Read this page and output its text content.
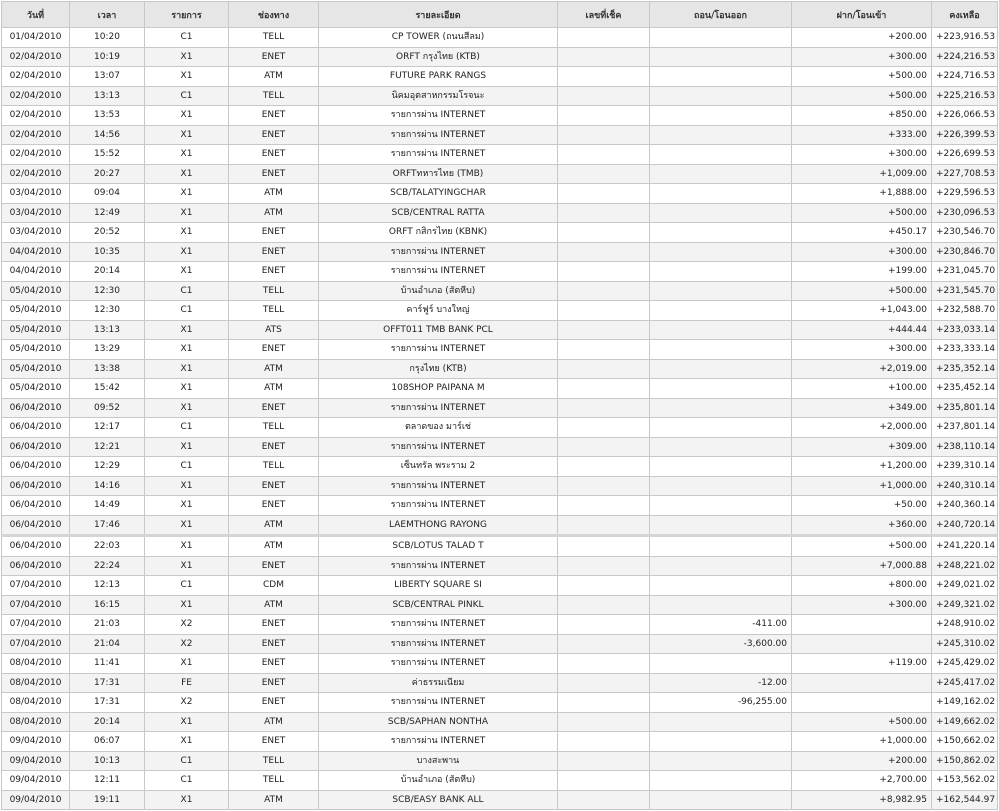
วันที่	เวลา	รายการ	ช่องทาง	รายละเอียด	เลขที่เช็ค	ถอน/โอนออก	ฝาก/โอนเข้า	คงเหลือ
01/04/2010	10:20	C1	TELL	CP TOWER (ถนนสีลม)			+200.00	+223,916.53
02/04/2010	10:19	X1	ENET	ORFT กรุงไทย (KTB)			+300.00	+224,216.53
02/04/2010	13:07	X1	ATM	FUTURE PARK RANGS			+500.00	+224,716.53
02/04/2010	13:13	C1	TELL	นิคมอุตสาหกรรมโรจนะ			+500.00	+225,216.53
02/04/2010	13:53	X1	ENET	รายการผ่าน INTERNET			+850.00	+226,066.53
02/04/2010	14:56	X1	ENET	รายการผ่าน INTERNET			+333.00	+226,399.53
02/04/2010	15:52	X1	ENET	รายการผ่าน INTERNET			+300.00	+226,699.53
02/04/2010	20:27	X1	ENET	ORFTทหารไทย (TMB)			+1,009.00	+227,708.53
03/04/2010	09:04	X1	ATM	SCB/TALATYINGCHAR			+1,888.00	+229,596.53
03/04/2010	12:49	X1	ATM	SCB/CENTRAL RATTA			+500.00	+230,096.53
03/04/2010	20:52	X1	ENET	ORFT กสิกรไทย (KBNK)			+450.17	+230,546.70
04/04/2010	10:35	X1	ENET	รายการผ่าน INTERNET			+300.00	+230,846.70
04/04/2010	20:14	X1	ENET	รายการผ่าน INTERNET			+199.00	+231,045.70
05/04/2010	12:30	C1	TELL	บ้านอำเภอ (สัตหีบ)			+500.00	+231,545.70
05/04/2010	12:30	C1	TELL	คาร์ฟูร์ บางใหญ่			+1,043.00	+232,588.70
05/04/2010	13:13	X1	ATS	OFFT011 TMB BANK PCL			+444.44	+233,033.14
05/04/2010	13:29	X1	ENET	รายการผ่าน INTERNET			+300.00	+233,333.14
05/04/2010	13:38	X1	ATM	กรุงไทย (KTB)			+2,019.00	+235,352.14
05/04/2010	15:42	X1	ATM	108SHOP PAIPANA M			+100.00	+235,452.14
06/04/2010	09:52	X1	ENET	รายการผ่าน INTERNET			+349.00	+235,801.14
06/04/2010	12:17	C1	TELL	ตลาดของ มาร์เช่			+2,000.00	+237,801.14
06/04/2010	12:21	X1	ENET	รายการผ่าน INTERNET			+309.00	+238,110.14
06/04/2010	12:29	C1	TELL	เซ็นทรัล พระราม 2			+1,200.00	+239,310.14
06/04/2010	14:16	X1	ENET	รายการผ่าน INTERNET			+1,000.00	+240,310.14
06/04/2010	14:49	X1	ENET	รายการผ่าน INTERNET			+50.00	+240,360.14
06/04/2010	17:46	X1	ATM	LAEMTHONG RAYONG			+360.00	+240,720.14
06/04/2010	22:03	X1	ATM	SCB/LOTUS TALAD T			+500.00	+241,220.14
06/04/2010	22:24	X1	ENET	รายการผ่าน INTERNET			+7,000.88	+248,221.02
07/04/2010	12:13	C1	CDM	LIBERTY SQUARE SI			+800.00	+249,021.02
07/04/2010	16:15	X1	ATM	SCB/CENTRAL PINKL			+300.00	+249,321.02
07/04/2010	21:03	X2	ENET	รายการผ่าน INTERNET		-411.00		+248,910.02
07/04/2010	21:04	X2	ENET	รายการผ่าน INTERNET		-3,600.00		+245,310.02
08/04/2010	11:41	X1	ENET	รายการผ่าน INTERNET			+119.00	+245,429.02
08/04/2010	17:31	FE	ENET	ค่าธรรมเนียม		-12.00		+245,417.02
08/04/2010	17:31	X2	ENET	รายการผ่าน INTERNET		-96,255.00		+149,162.02
08/04/2010	20:14	X1	ATM	SCB/SAPHAN NONTHA			+500.00	+149,662.02
09/04/2010	06:07	X1	ENET	รายการผ่าน INTERNET			+1,000.00	+150,662.02
09/04/2010	10:13	C1	TELL	บางสะพาน			+200.00	+150,862.02
09/04/2010	12:11	C1	TELL	บ้านอำเภอ (สัตหีบ)			+2,700.00	+153,562.02
09/04/2010	19:11	X1	ATM	SCB/EASY BANK ALL			+8,982.95	+162,544.97
